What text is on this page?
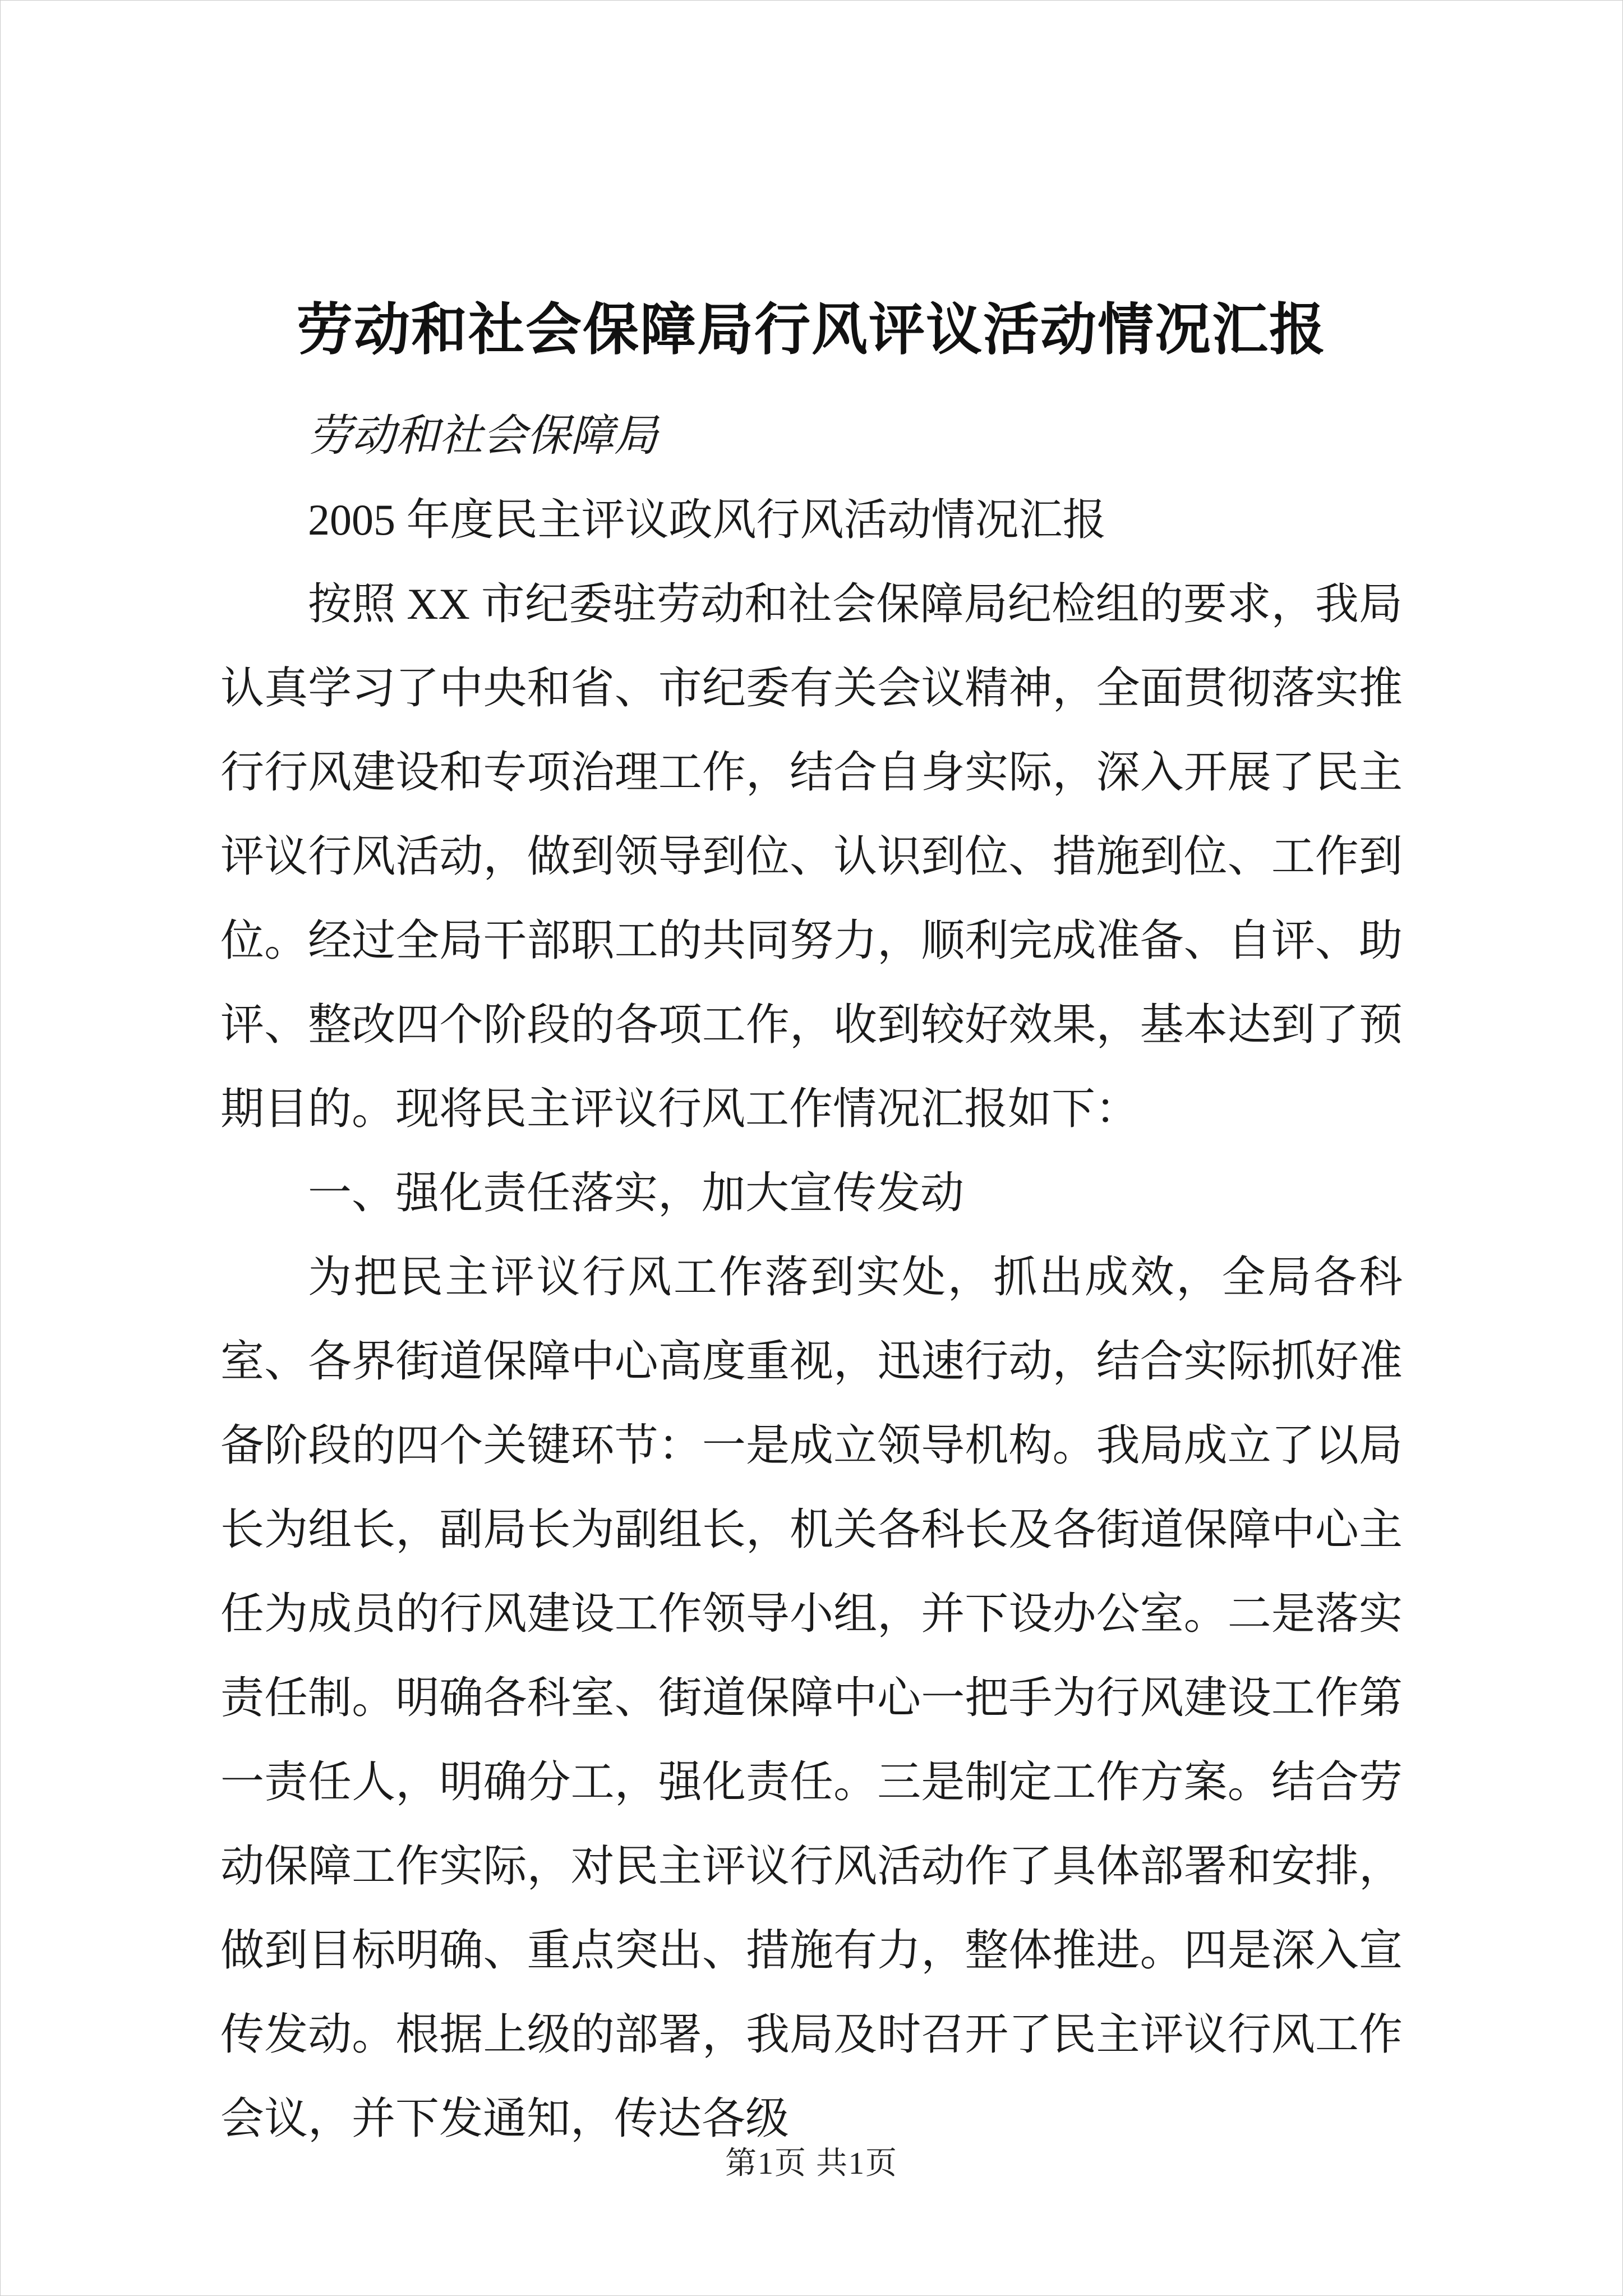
劳动和社会保障局行风评议活动情况汇报

劳动和社会保障局

2005 年度民主评议政风行风活动情况汇报

按照 XX 市纪委驻劳动和社会保障局纪检组的要求，我局认真学习了中央和省、市纪委有关会议精神，全面贯彻落实推行行风建设和专项治理工作，结合自身实际，深入开展了民主评议行风活动，做到领导到位、认识到位、措施到位、工作到位。经过全局干部职工的共同努力，顺利完成准备、自评、助评、整改四个阶段的各项工作，收到较好效果，基本达到了预期目的。现将民主评议行风工作情况汇报如下：

一、强化责任落实，加大宣传发动

为把民主评议行风工作落到实处，抓出成效，全局各科室、各界街道保障中心高度重视，迅速行动，结合实际抓好准备阶段的四个关键环节：一是成立领导机构。我局成立了以局长为组长，副局长为副组长，机关各科长及各街道保障中心主任为成员的行风建设工作领导小组，并下设办公室。二是落实责任制。明确各科室、街道保障中心一把手为行风建设工作第一责任人，明确分工，强化责任。三是制定工作方案。结合劳动保障工作实际，对民主评议行风活动作了具体部署和安排，做到目标明确、重点突出、措施有力，整体推进。四是深入宣传发动。根据上级的部署，我局及时召开了民主评议行风工作会议，并下发通知，传达各级

第1页 共1页
